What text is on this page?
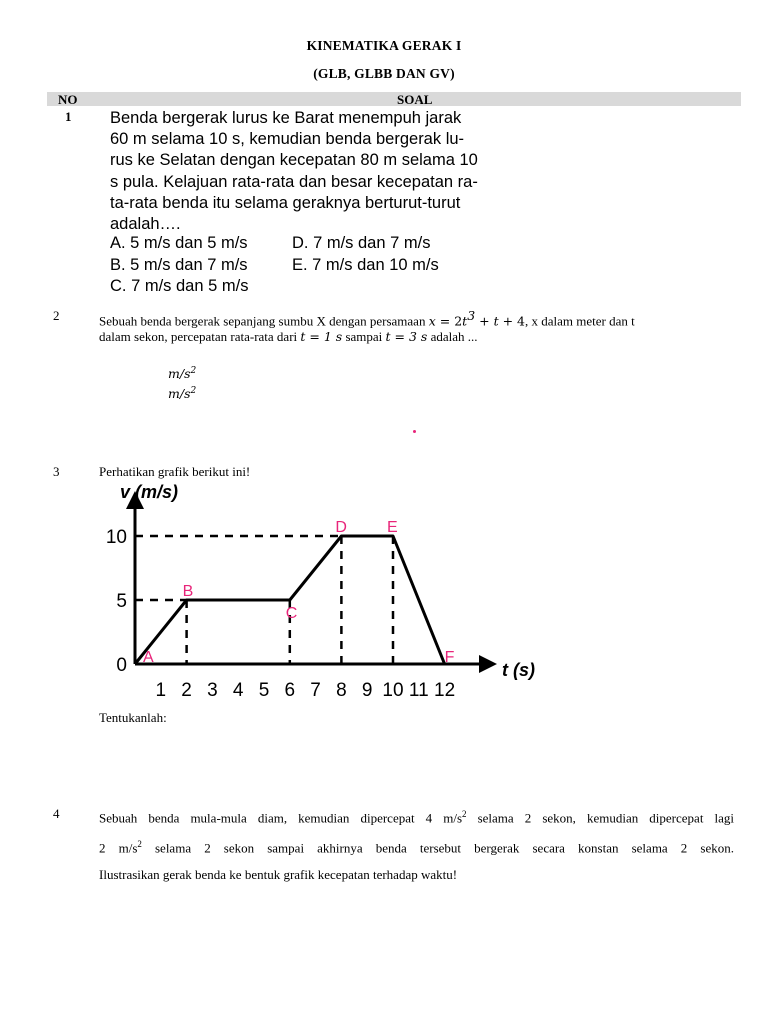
KINEMATIKA GERAK I
(GLB, GLBB DAN GV)
NO	SOAL
1 Benda bergerak lurus ke Barat menempuh jarak
60 m selama 10 s, kemudian benda bergerak lu-
rus ke Selatan dengan kecepatan 80 m selama 10
s pula. Kelajuan rata-rata dan besar kecepatan ra-
ta-rata benda itu selama geraknya berturut-turut
adalah….
A. 5 m/s dan 5 m/s	D. 7 m/s dan 7 m/s
B. 5 m/s dan 7 m/s	E. 7 m/s dan 10 m/s
C. 7 m/s dan 5 m/s
2	Sebuah benda bergerak sepanjang sumbu X dengan persamaan $x = 2t^3 + t + 4$, x dalam meter dan t
dalam sekon, percepatan rata-rata dari t = 1 s sampai t = 3 s adalah ...
$m/s^2$
$m/s^2$
3	Perhatikan grafik berikut ini!
v (m/s)
t (s)
0
5
10
1 2 3 4 5 6 7 8 9 10 11 12
A
B
C
D	E
F
Tentukanlah:
4	Sebuah benda mula-mula diam, kemudian dipercepat 4 $m/s^2$ selama 2 sekon, kemudian dipercepat lagi
2 $m/s^2$ selama 2 sekon sampai akhirnya benda tersebut bergerak secara konstan selama 2 sekon.
Ilustrasikan gerak benda ke bentuk grafik kecepatan terhadap waktu!
